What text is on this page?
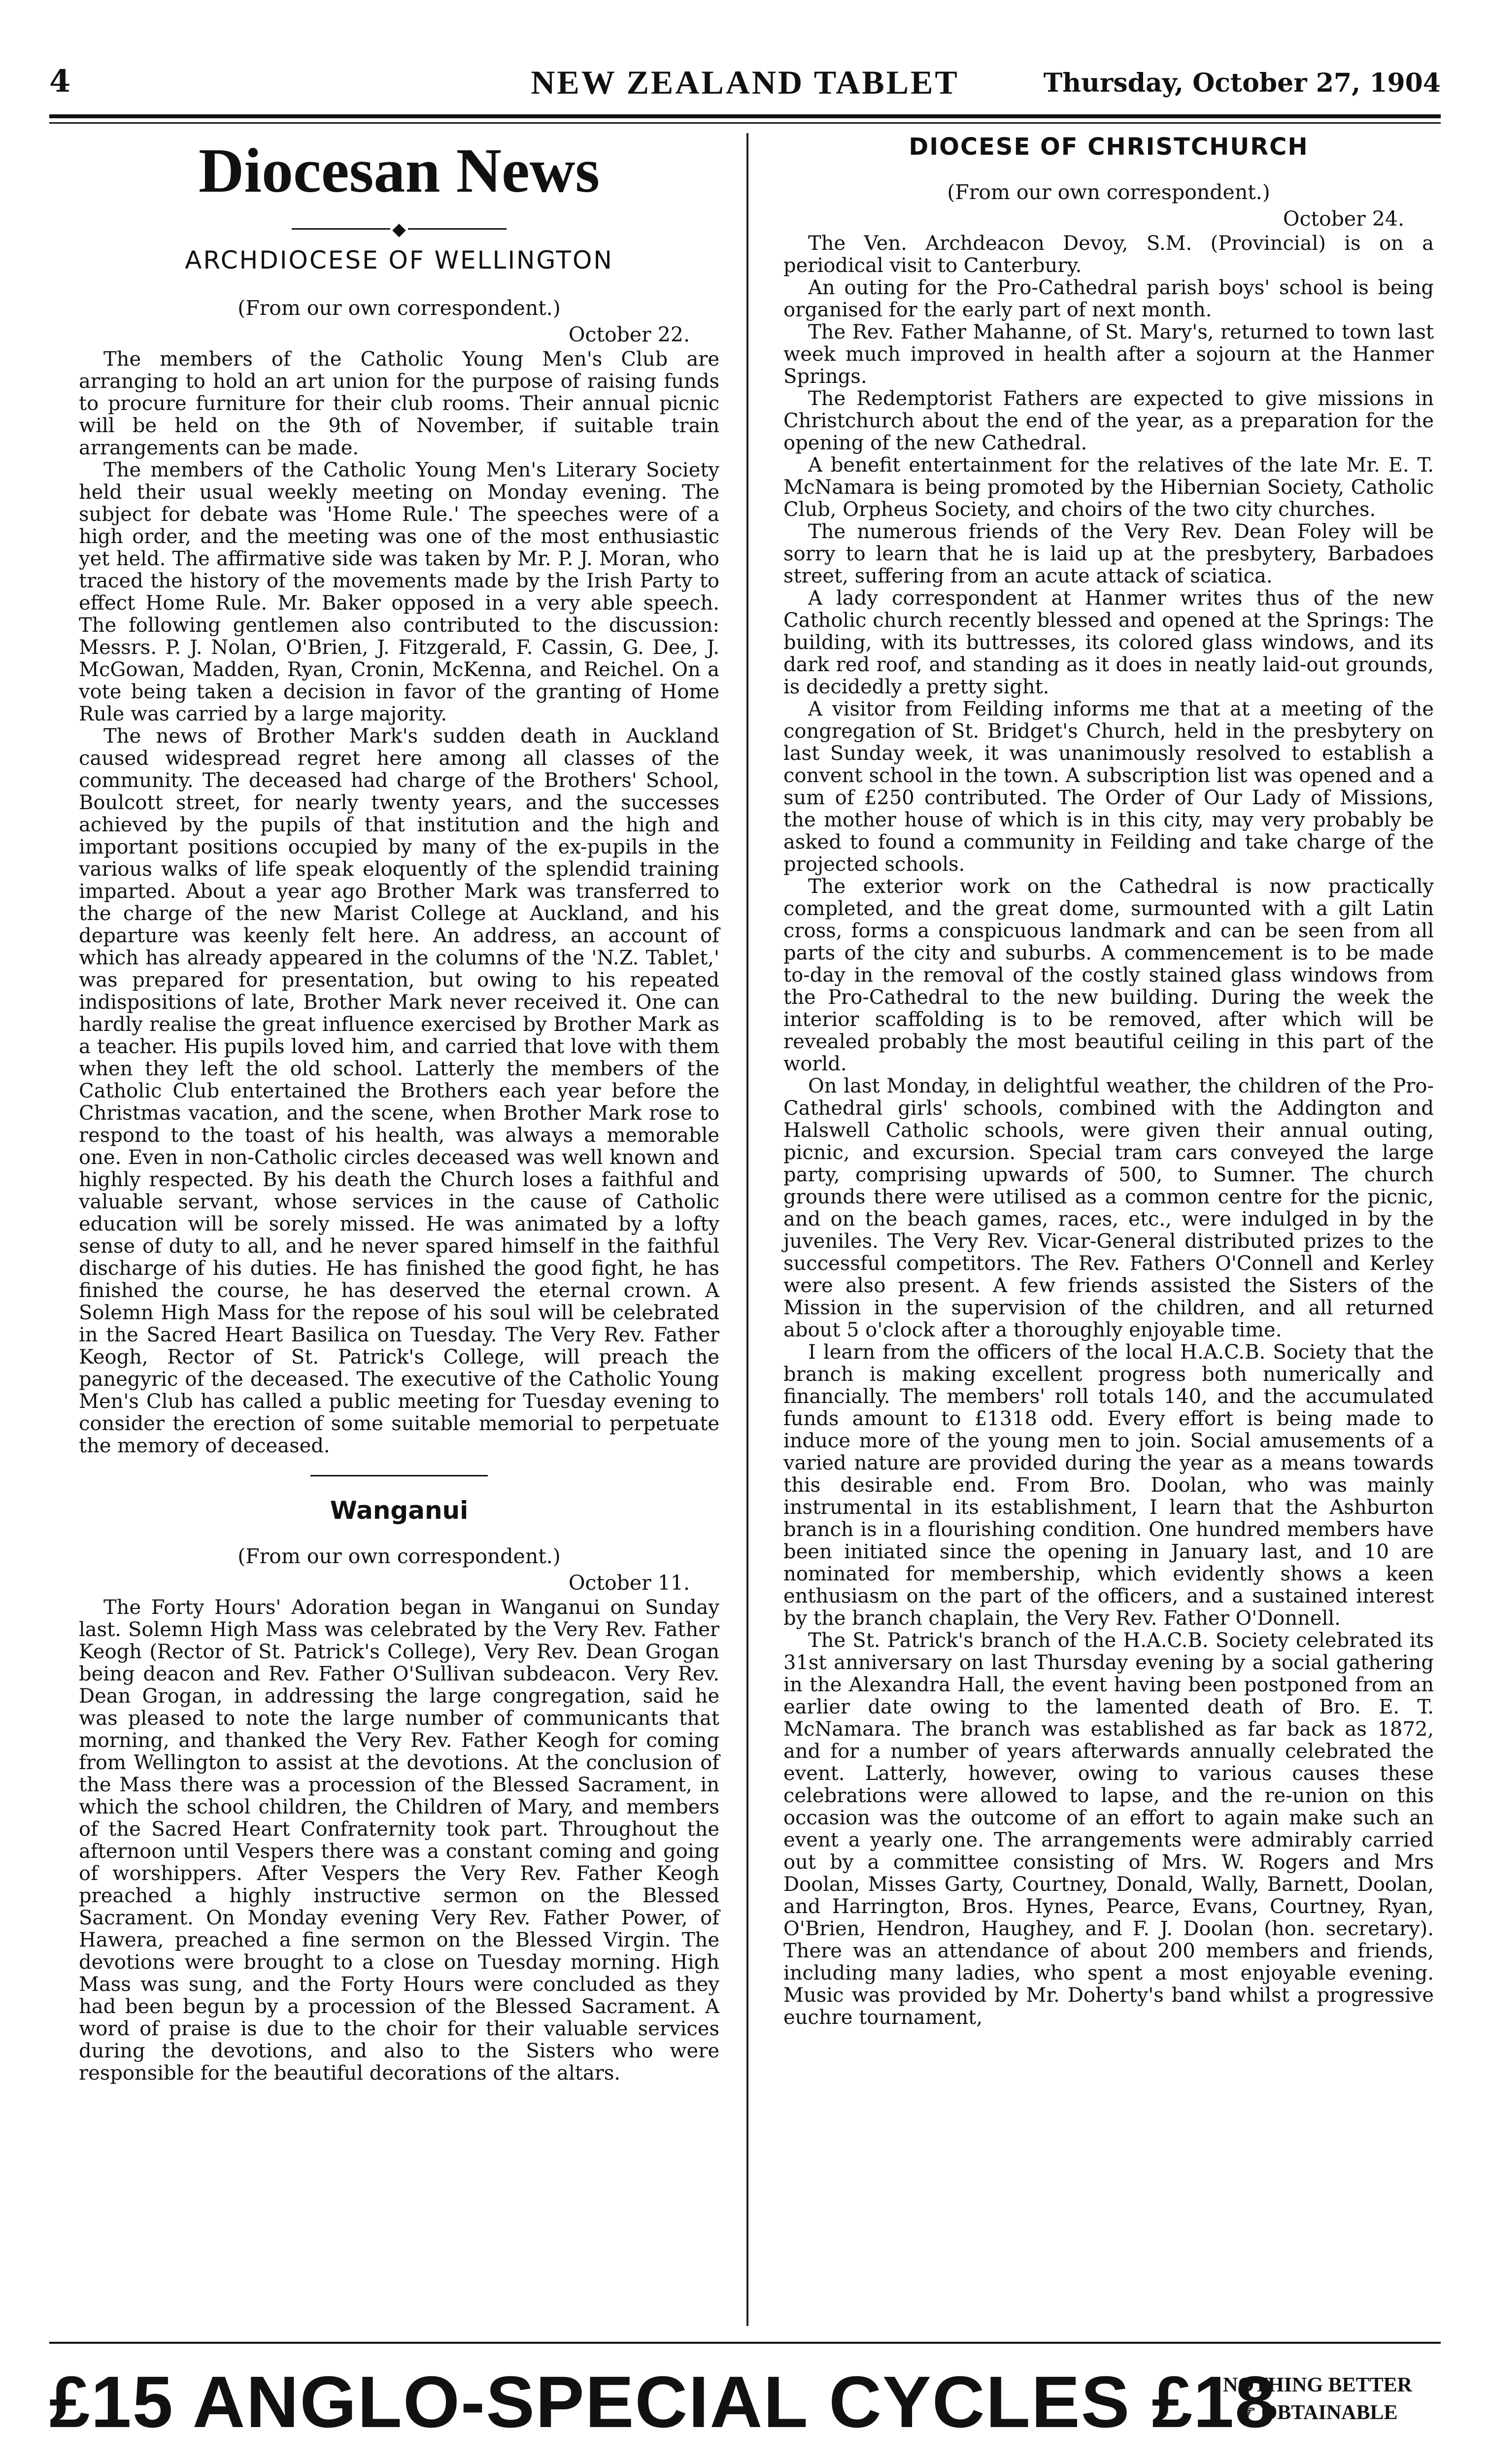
4	NEW ZEALAND TABLET	Thursday, October 27, 1904
Diocesan News
◆
ARCHDIOCESE OF WELLINGTON
(From our own correspondent.)
October 22.

The members of the Catholic Young Men's Club are arranging to hold an art union for the purpose of raising funds to procure furniture for their club rooms. Their annual picnic will be held on the 9th of November, if suitable train arrangements can be made.

The members of the Catholic Young Men's Literary Society held their usual weekly meeting on Monday evening. The subject for debate was 'Home Rule.' The speeches were of a high order, and the meeting was one of the most enthusiastic yet held. The affirmative side was taken by Mr. P. J. Moran, who traced the history of the movements made by the Irish Party to effect Home Rule. Mr. Baker opposed in a very able speech. The following gentlemen also contributed to the discussion: Messrs. P. J. Nolan, O'Brien, J. Fitzgerald, F. Cassin, G. Dee, J. McGowan, Madden, Ryan, Cronin, McKenna, and Reichel. On a vote being taken a decision in favor of the granting of Home Rule was carried by a large majority.

The news of Brother Mark's sudden death in Auckland caused widespread regret here among all classes of the community. The deceased had charge of the Brothers' School, Boulcott street, for nearly twenty years, and the successes achieved by the pupils of that institution and the high and important positions occupied by many of the ex-pupils in the various walks of life speak eloquently of the splendid training imparted. About a year ago Brother Mark was transferred to the charge of the new Marist College at Auckland, and his departure was keenly felt here. An address, an account of which has already appeared in the columns of the 'N.Z. Tablet,' was prepared for presentation, but owing to his repeated indispositions of late, Brother Mark never received it. One can hardly realise the great influence exercised by Brother Mark as a teacher. His pupils loved him, and carried that love with them when they left the old school. Latterly the members of the Catholic Club entertained the Brothers each year before the Christmas vacation, and the scene, when Brother Mark rose to respond to the toast of his health, was always a memorable one. Even in non-Catholic circles deceased was well known and highly respected. By his death the Church loses a faithful and valuable servant, whose services in the cause of Catholic education will be sorely missed. He was animated by a lofty sense of duty to all, and he never spared himself in the faithful discharge of his duties. He has finished the good fight, he has finished the course, he has deserved the eternal crown. A Solemn High Mass for the repose of his soul will be celebrated in the Sacred Heart Basilica on Tuesday. The Very Rev. Father Keogh, Rector of St. Patrick's College, will preach the panegyric of the deceased. The executive of the Catholic Young Men's Club has called a public meeting for Tuesday evening to consider the erection of some suitable memorial to perpetuate the memory of deceased.

Wanganui
(From our own correspondent.)
October 11.

The Forty Hours' Adoration began in Wanganui on Sunday last. Solemn High Mass was celebrated by the Very Rev. Father Keogh (Rector of St. Patrick's College), Very Rev. Dean Grogan being deacon and Rev. Father O'Sullivan subdeacon. Very Rev. Dean Grogan, in addressing the large congregation, said he was pleased to note the large number of communicants that morning, and thanked the Very Rev. Father Keogh for coming from Wellington to assist at the devotions. At the conclusion of the Mass there was a procession of the Blessed Sacrament, in which the school children, the Children of Mary, and members of the Sacred Heart Confraternity took part. Throughout the afternoon until Vespers there was a constant coming and going of worshippers. After Vespers the Very Rev. Father Keogh preached a highly instructive sermon on the Blessed Sacrament. On Monday evening Very Rev. Father Power, of Hawera, preached a fine sermon on the Blessed Virgin. The devotions were brought to a close on Tuesday morning. High Mass was sung, and the Forty Hours were concluded as they had been begun by a procession of the Blessed Sacrament. A word of praise is due to the choir for their valuable services during the devotions, and also to the Sisters who were responsible for the beautiful decorations of the altars.

DIOCESE OF CHRISTCHURCH
(From our own correspondent.)
October 24.

The Ven. Archdeacon Devoy, S.M. (Provincial) is on a periodical visit to Canterbury.

An outing for the Pro-Cathedral parish boys' school is being organised for the early part of next month.

The Rev. Father Mahanne, of St. Mary's, returned to town last week much improved in health after a sojourn at the Hanmer Springs.

The Redemptorist Fathers are expected to give missions in Christchurch about the end of the year, as a preparation for the opening of the new Cathedral.

A benefit entertainment for the relatives of the late Mr. E. T. McNamara is being promoted by the Hibernian Society, Catholic Club, Orpheus Society, and choirs of the two city churches.

The numerous friends of the Very Rev. Dean Foley will be sorry to learn that he is laid up at the presbytery, Barbadoes street, suffering from an acute attack of sciatica.

A lady correspondent at Hanmer writes thus of the new Catholic church recently blessed and opened at the Springs: The building, with its buttresses, its colored glass windows, and its dark red roof, and standing as it does in neatly laid-out grounds, is decidedly a pretty sight.

A visitor from Feilding informs me that at a meeting of the congregation of St. Bridget's Church, held in the presbytery on last Sunday week, it was unanimously resolved to establish a convent school in the town. A subscription list was opened and a sum of £250 contributed. The Order of Our Lady of Missions, the mother house of which is in this city, may very probably be asked to found a community in Feilding and take charge of the projected schools.

The exterior work on the Cathedral is now practically completed, and the great dome, surmounted with a gilt Latin cross, forms a conspicuous landmark and can be seen from all parts of the city and suburbs. A commencement is to be made to-day in the removal of the costly stained glass windows from the Pro-Cathedral to the new building. During the week the interior scaffolding is to be removed, after which will be revealed probably the most beautiful ceiling in this part of the world.

On last Monday, in delightful weather, the children of the Pro-Cathedral girls' schools, combined with the Addington and Halswell Catholic schools, were given their annual outing, picnic, and excursion. Special tram cars conveyed the large party, comprising upwards of 500, to Sumner. The church grounds there were utilised as a common centre for the picnic, and on the beach games, races, etc., were indulged in by the juveniles. The Very Rev. Vicar-General distributed prizes to the successful competitors. The Rev. Fathers O'Connell and Kerley were also present. A few friends assisted the Sisters of the Mission in the supervision of the children, and all returned about 5 o'clock after a thoroughly enjoyable time.

I learn from the officers of the local H.A.C.B. Society that the branch is making excellent progress both numerically and financially. The members' roll totals 140, and the accumulated funds amount to £1318 odd. Every effort is being made to induce more of the young men to join. Social amusements of a varied nature are provided during the year as a means towards this desirable end. From Bro. Doolan, who was mainly instrumental in its establishment, I learn that the Ashburton branch is in a flourishing condition. One hundred members have been initiated since the opening in January last, and 10 are nominated for membership, which evidently shows a keen enthusiasm on the part of the officers, and a sustained interest by the branch chaplain, the Very Rev. Father O'Donnell.

The St. Patrick's branch of the H.A.C.B. Society celebrated its 31st anniversary on last Thursday evening by a social gathering in the Alexandra Hall, the event having been postponed from an earlier date owing to the lamented death of Bro. E. T. McNamara. The branch was established as far back as 1872, and for a number of years afterwards annually celebrated the event. Latterly, however, owing to various causes these celebrations were allowed to lapse, and the re-union on this occasion was the outcome of an effort to again make such an event a yearly one. The arrangements were admirably carried out by a committee consisting of Mrs. W. Rogers and Mrs Doolan, Misses Garty, Courtney, Donald, Wally, Barnett, Doolan, and Harrington, Bros. Hynes, Pearce, Evans, Courtney, Ryan, O'Brien, Hendron, Haughey, and F. J. Doolan (hon. secretary). There was an attendance of about 200 members and friends, including many ladies, who spent a most enjoyable evening. Music was provided by Mr. Doherty's band whilst a progressive euchre tournament,

£15 ANGLO-SPECIAL CYCLES £18
NOTHING BETTER
☞ OBTAINABLE
